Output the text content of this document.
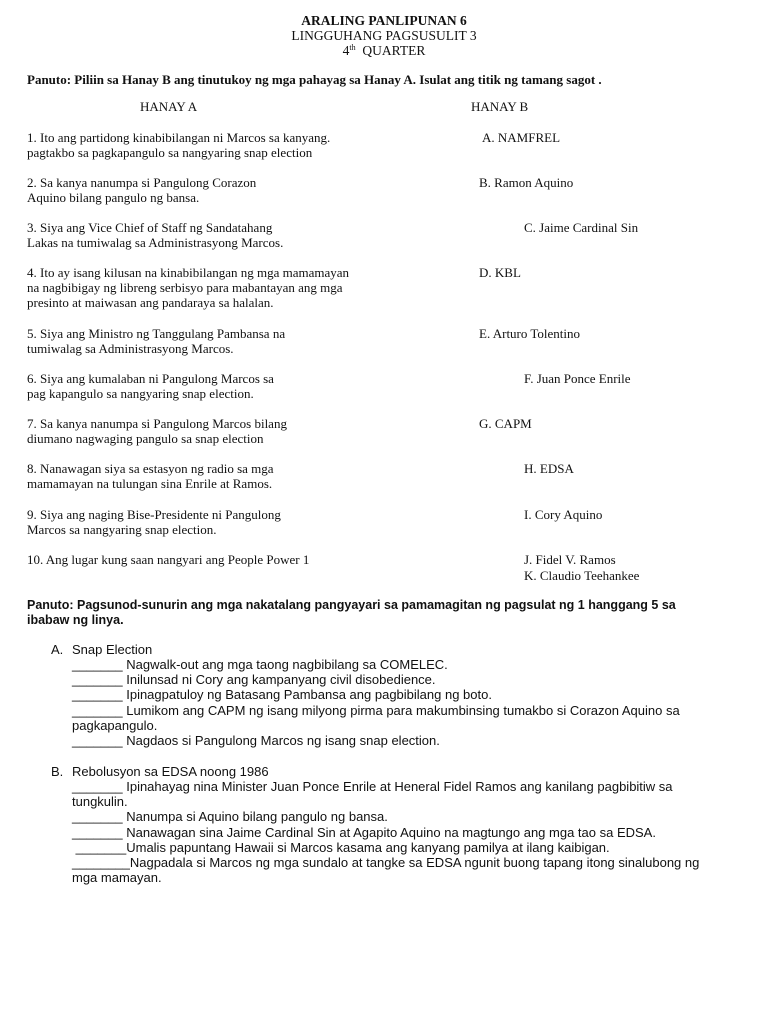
ARALING PANLIPUNAN 6
LINGGUHANG PAGSUSULIT 3
4th QUARTER
Panuto: Piliin sa Hanay B ang tinutukoy ng mga pahayag sa Hanay A. Isulat ang titik ng tamang sagot .
HANAY A	HANAY B
1. Ito ang partidong kinabibilangan ni Marcos sa kanyang.
pagtakbo sa pagkapangulo sa nangyaring snap election
2. Sa kanya nanumpa si Pangulong Corazon
Aquino bilang pangulo ng bansa.
3. Siya ang Vice Chief of Staff ng Sandatahang
Lakas na tumiwalag sa Administrasyong Marcos.
4. Ito ay isang kilusan na kinabibilangan ng mga mamamayan
na nagbibigay ng libreng serbisyo para mabantayan ang mga
presinto at maiwasan ang pandaraya sa halalan.
5. Siya ang Ministro ng Tanggulang Pambansa na
tumiwalag sa Administrasyong Marcos.
6. Siya ang kumalaban ni Pangulong Marcos sa
pag kapangulo sa nangyaring snap election.
7. Sa kanya nanumpa si Pangulong Marcos bilang
diumano nagwaging pangulo sa snap election
8. Nanawagan siya sa estasyon ng radio sa mga
mamamayan na tulungan sina Enrile at Ramos.
9. Siya ang naging Bise-Presidente ni Pangulong
Marcos sa nangyaring snap election.
10. Ang lugar kung saan nangyari ang People Power 1
A. NAMFREL
B. Ramon Aquino
C. Jaime Cardinal Sin
D. KBL
E. Arturo Tolentino
F. Juan Ponce Enrile
G. CAPM
H. EDSA
I. Cory Aquino
J. Fidel V. Ramos
K. Claudio Teehankee
Panuto: Pagsunod-sunurin ang mga nakatalang pangyayari sa pamamagitan ng pagsulat ng 1 hanggang 5 sa
ibabaw ng linya.
A. Snap Election
_______ Nagwalk-out ang mga taong nagbibilang sa COMELEC.
_______ Inilunsad ni Cory ang kampanyang civil disobedience.
_______ Ipinagpatuloy ng Batasang Pambansa ang pagbibilang ng boto.
_______ Lumikom ang CAPM ng isang milyong pirma para makumbinsing tumakbo si Corazon Aquino sa
pagkapangulo.
_______ Nagdaos si Pangulong Marcos ng isang snap election.
B. Rebolusyon sa EDSA noong 1986
_______ Ipinahayag nina Minister Juan Ponce Enrile at Heneral Fidel Ramos ang kanilang pagbibitiw sa
tungkulin.
_______ Nanumpa si Aquino bilang pangulo ng bansa.
_______ Nanawagan sina Jaime Cardinal Sin at Agapito Aquino na magtungo ang mga tao sa EDSA.
_______Umalis papuntang Hawaii si Marcos kasama ang kanyang pamilya at ilang kaibigan.
________Nagpadala si Marcos ng mga sundalo at tangke sa EDSA ngunit buong tapang itong sinalubong ng
mga mamayan.
